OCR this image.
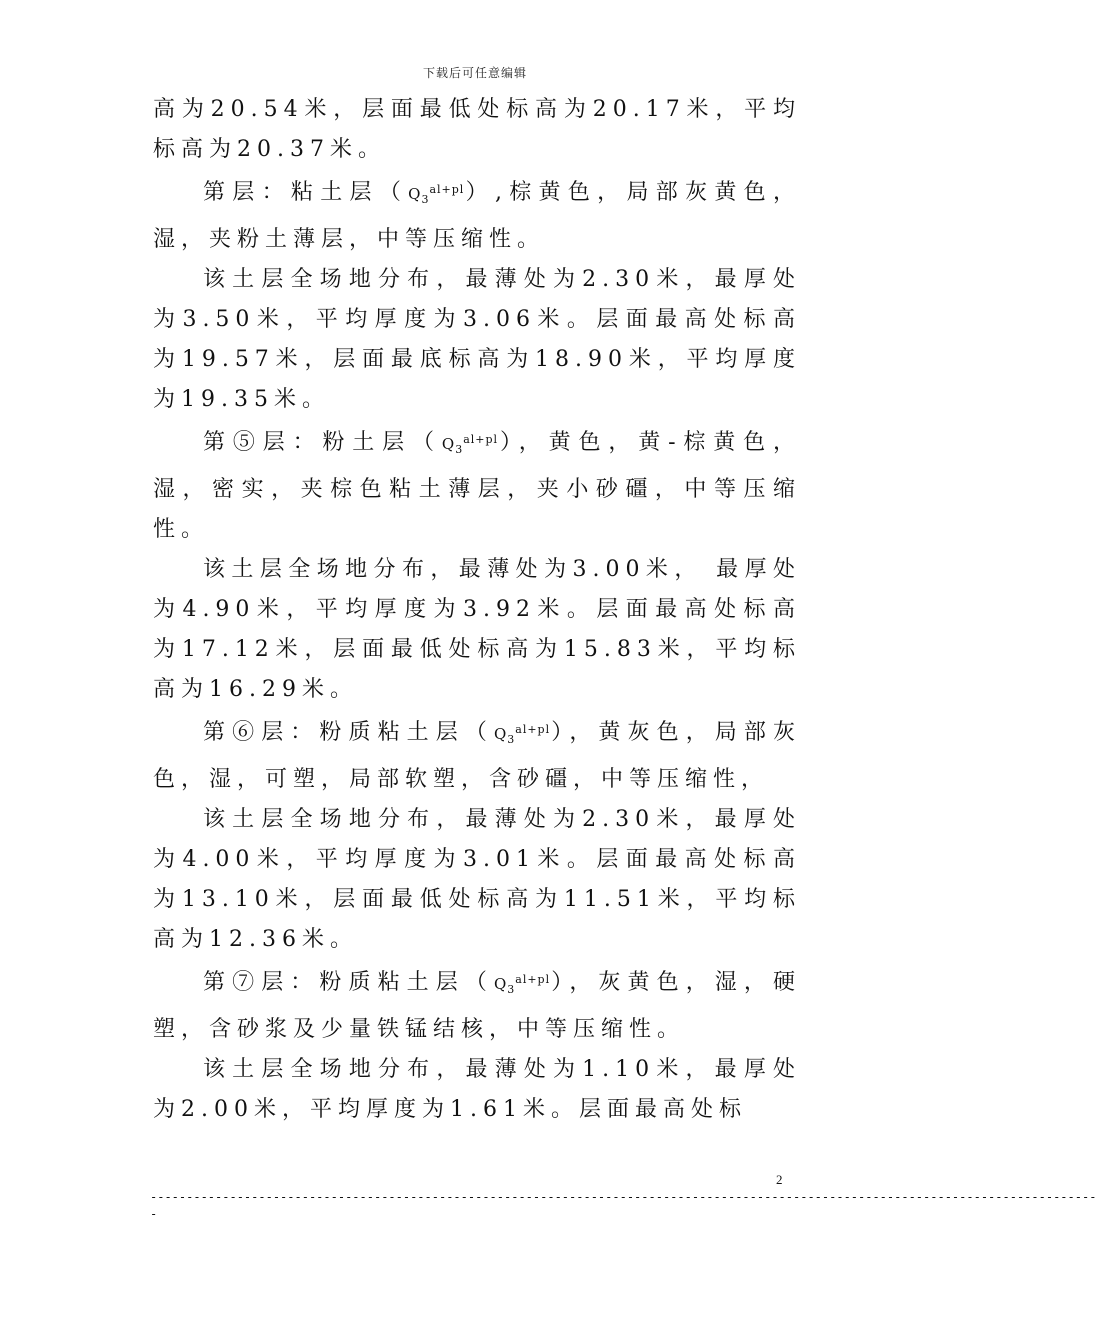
下载后可任意编辑

高为20.54米，层面最低处标高为20.17米，平均标高为20.37米。

第层：粘土层$(Q_3^{al+pl})$,棕黄色，局部灰黄色，湿，夹粉土薄层，中等压缩性。

该土层全场地分布，最薄处为2.30米，最厚处为3.50米，平均厚度为3.06米。层面最高处标高为19.57米，层面最底标高为18.90米，平均厚度为19.35米。

第⑤层：粉土层$(Q_3^{al+pl})$，黄色，黄-棕黄色，湿，密实，夹棕色粘土薄层，夹小砂礓，中等压缩性。

该土层全场地分布，最薄处为3.00米， 最厚处为4.90米，平均厚度为3.92米。层面最高处标高为17.12米，层面最低处标高为15.83米，平均标高为16.29米。

第⑥层：粉质粘土层$(Q_3^{al+pl})$，黄灰色，局部灰色，湿，可塑，局部软塑，含砂礓，中等压缩性，

该土层全场地分布，最薄处为2.30米，最厚处为4.00米，平均厚度为3.01米。层面最高处标高为13.10米，层面最低处标高为11.51米，平均标高为12.36米。

第⑦层：粉质粘土层$(Q_3^{al+pl})$，灰黄色，湿，硬塑，含砂浆及少量铁锰结核，中等压缩性。

该土层全场地分布，最薄处为1.10米，最厚处为2.00米，平均厚度为1.61米。层面最高处标

2
-----------------------------------------------------------------------------------------------------------------------------------
-
